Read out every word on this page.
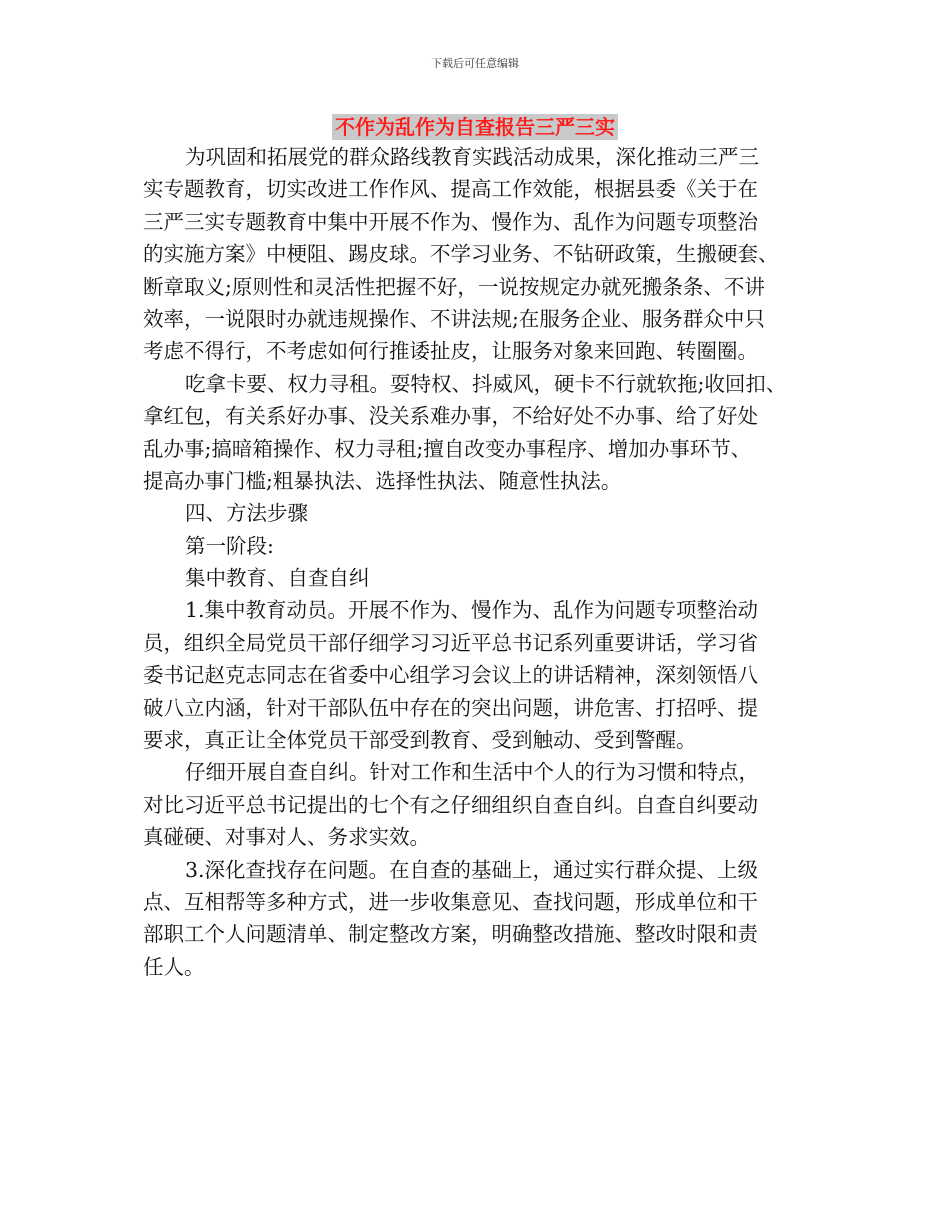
下载后可任意编辑
不作为乱作为自查报告三严三实
为巩固和拓展党的群众路线教育实践活动成果，深化推动三严三
实专题教育，切实改进工作作风、提高工作效能，根据县委《关于在
三严三实专题教育中集中开展不作为、慢作为、乱作为问题专项整治
的实施方案》中梗阻、踢皮球。不学习业务、不钻研政策，生搬硬套、
断章取义;原则性和灵活性把握不好，一说按规定办就死搬条条、不讲
效率，一说限时办就违规操作、不讲法规;在服务企业、服务群众中只
考虑不得行，不考虑如何行推诿扯皮，让服务对象来回跑、转圈圈。
吃拿卡要、权力寻租。耍特权、抖威风，硬卡不行就软拖;收回扣、
拿红包，有关系好办事、没关系难办事，不给好处不办事、给了好处
乱办事;搞暗箱操作、权力寻租;擅自改变办事程序、增加办事环节、
提高办事门槛;粗暴执法、选择性执法、随意性执法。
四、方法步骤
第一阶段:
集中教育、自查自纠
1.集中教育动员。开展不作为、慢作为、乱作为问题专项整治动
员，组织全局党员干部仔细学习习近平总书记系列重要讲话，学习省
委书记赵克志同志在省委中心组学习会议上的讲话精神，深刻领悟八
破八立内涵，针对干部队伍中存在的突出问题，讲危害、打招呼、提
要求，真正让全体党员干部受到教育、受到触动、受到警醒。
仔细开展自查自纠。针对工作和生活中个人的行为习惯和特点，
对比习近平总书记提出的七个有之仔细组织自查自纠。自查自纠要动
真碰硬、对事对人、务求实效。
3.深化查找存在问题。在自查的基础上，通过实行群众提、上级
点、互相帮等多种方式，进一步收集意见、查找问题，形成单位和干
部职工个人问题清单、制定整改方案，明确整改措施、整改时限和责
任人。
